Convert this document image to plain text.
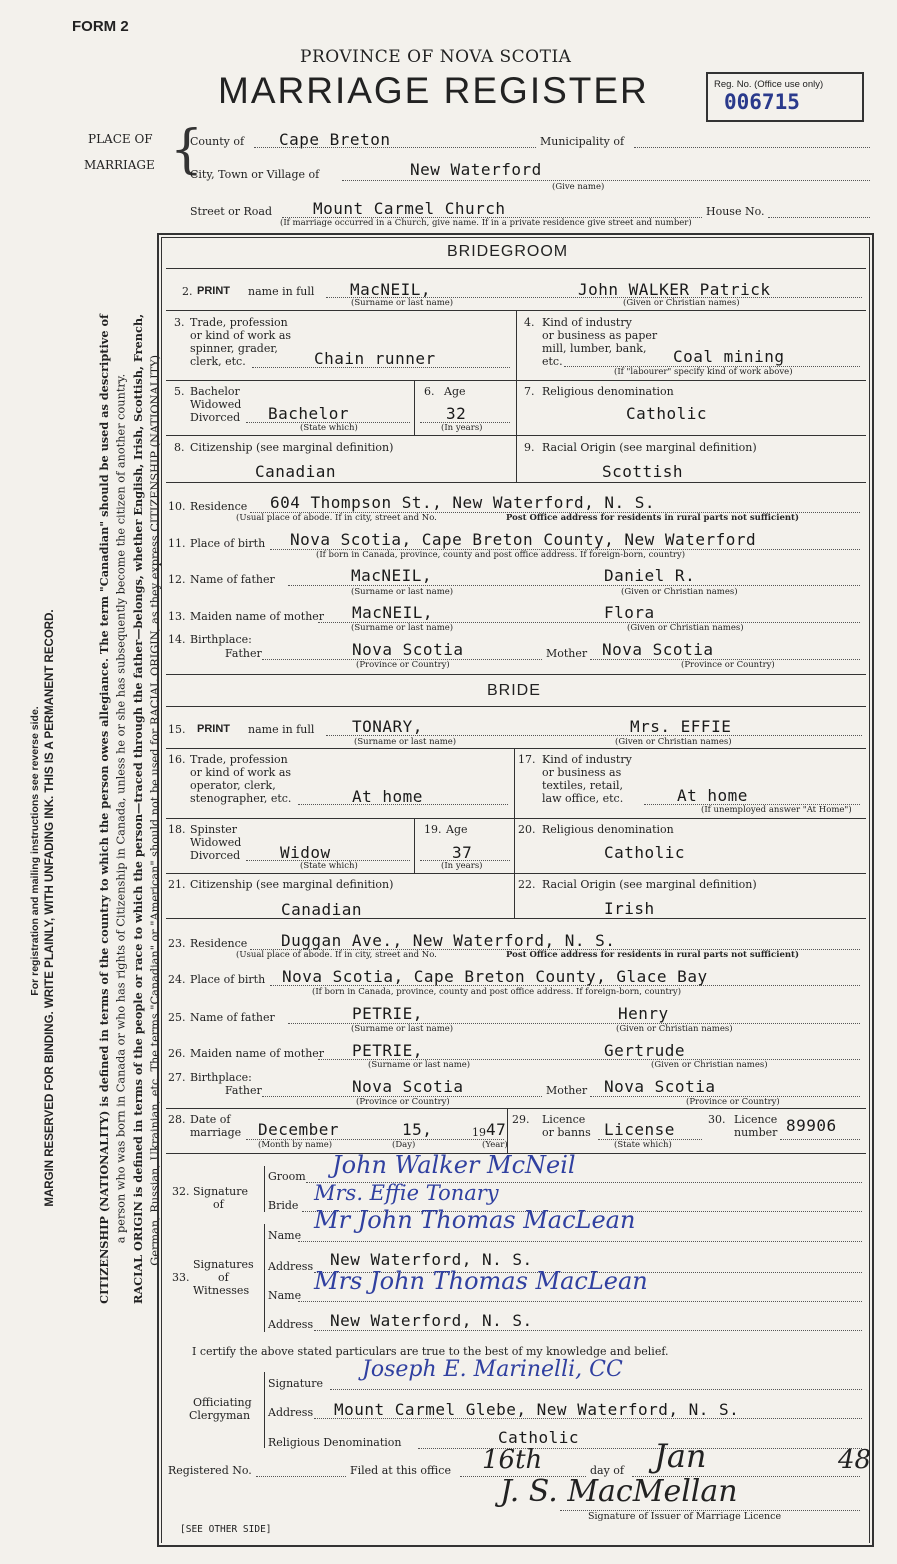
FORM 2
PROVINCE OF NOVA SCOTIA
MARRIAGE REGISTER	Reg. No. (Office use only)
006715
PLACE OF
MARRIAGE {
County of Cape Breton	Municipality of
City, Town or Village of	New Waterford
(Give name)
Street or Road	Mount Carmel Church	House No.
(If marriage occurred in a Church, give name. If in a private residence give street and number)
MARGIN RESERVED FOR BINDING. WRITE PLAINLY, WITH UNFADING INK. THIS IS A PERMANENT RECORD.
For registration and mailing instructions see reverse side.	CITIZENSHIP (NATIONALITY) is defined in terms of the country to which the person owes allegiance. The term "Canadian" should be used as descriptive of a person who was born in Canada or who has rights of Citizenship in Canada, unless he or she has subsequently become the citizen of another country. RACIAL ORIGIN is defined in terms of the people or race to which the person—traced through the father—belongs, whether English, Irish, Scottish, French, German, Russian, Ukrainian, etc. The terms "Canadian" or "American" should not be used for RACIAL ORIGIN, as they express CITIZENSHIP (NATIONALITY).
BRIDEGROOM
2. PRINT name in full MacNEIL,	John WALKER Patrick
(Surname or last name)	(Given or Christian names)
3. Trade, profession
or kind of work as
spinner, grader,
clerk, etc.	Chain runner
4. Kind of industry
or business as paper
mill, lumber, bank,
etc.	Coal mining
(If "labourer" specify kind of work above)
5. Bachelor
Widowed
Divorced Bachelor
(State which)
6. Age
32
(In years)
7. Religious denomination
Catholic
8. Citizenship (see marginal definition)
Canadian
9. Racial Origin (see marginal definition)
Scottish
10. Residence 604 Thompson St., New Waterford, N. S.
(Usual place of abode. If in city, street and No.	Post Office address for residents in rural parts not sufficient)
11. Place of birth Nova Scotia, Cape Breton County, New Waterford
(If born in Canada, province, county and post office address. If foreign-born, country)
12. Name of father	MacNEIL,	Daniel R.
(Surname or last name)	(Given or Christian names)
13. Maiden name of mother MacNEIL,	Flora
(Surname or last name)	(Given or Christian names)
14. Birthplace:
Father	Nova Scotia
(Province or Country)
Mother Nova Scotia
(Province or Country)
BRIDE
15. PRINT name in full TONARY,	Mrs. EFFIE
(Surname or last name)	(Given or Christian names)
16. Trade, profession
or kind of work as
operator, clerk,
stenographer, etc.	At home
17. Kind of industry
or business as
textiles, retail,
law office, etc.	At home
(If unemployed answer "At Home")
18. Spinster
Widowed
Divorced Widow
(State which)
19. Age
37
(In years)
20. Religious denomination
Catholic
21. Citizenship (see marginal definition)
Canadian
22. Racial Origin (see marginal definition)
Irish
23. Residence Duggan Ave., New Waterford, N. S.
(Usual place of abode. If in city, street and No.	Post Office address for residents in rural parts not sufficient)
24. Place of birth Nova Scotia, Cape Breton County, Glace Bay
(If born in Canada, province, county and post office address. If foreign-born, country)
25. Name of father	PETRIE,	Henry
(Surname or last name)	(Given or Christian names)
26. Maiden name of mother PETRIE,	Gertrude
(Surname or last name)	(Given or Christian names)
27. Birthplace:
Father	Nova Scotia
(Province or Country)
Mother Nova Scotia
(Province or Country)
28. Date of
marriage December	15,	19 47
(Month by name)	(Day)	(Year)
29. Licence
or banns License
(State which)
30. Licence
number 89906
32. Signature
of
Groom John Walker McNeil
Bride
Mrs. Effie Tonary
33.
Signatures
of
Witnesses
Name
Mr John Thomas MacLean
Address New Waterford, N. S.
Name
Mrs John Thomas MacLean
Address New Waterford, N. S.
I certify the above stated particulars are true to the best of my knowledge and belief.
Officiating
Clergyman
Signature
Joseph E. Marinelli, CC
Address Mount Carmel Glebe, New Waterford, N. S.
Religious Denomination	Catholic
Registered No.	Filed at this office 16th	day of Jan	48
J. S. MacMellan
Signature of Issuer of Marriage Licence
[SEE OTHER SIDE]
